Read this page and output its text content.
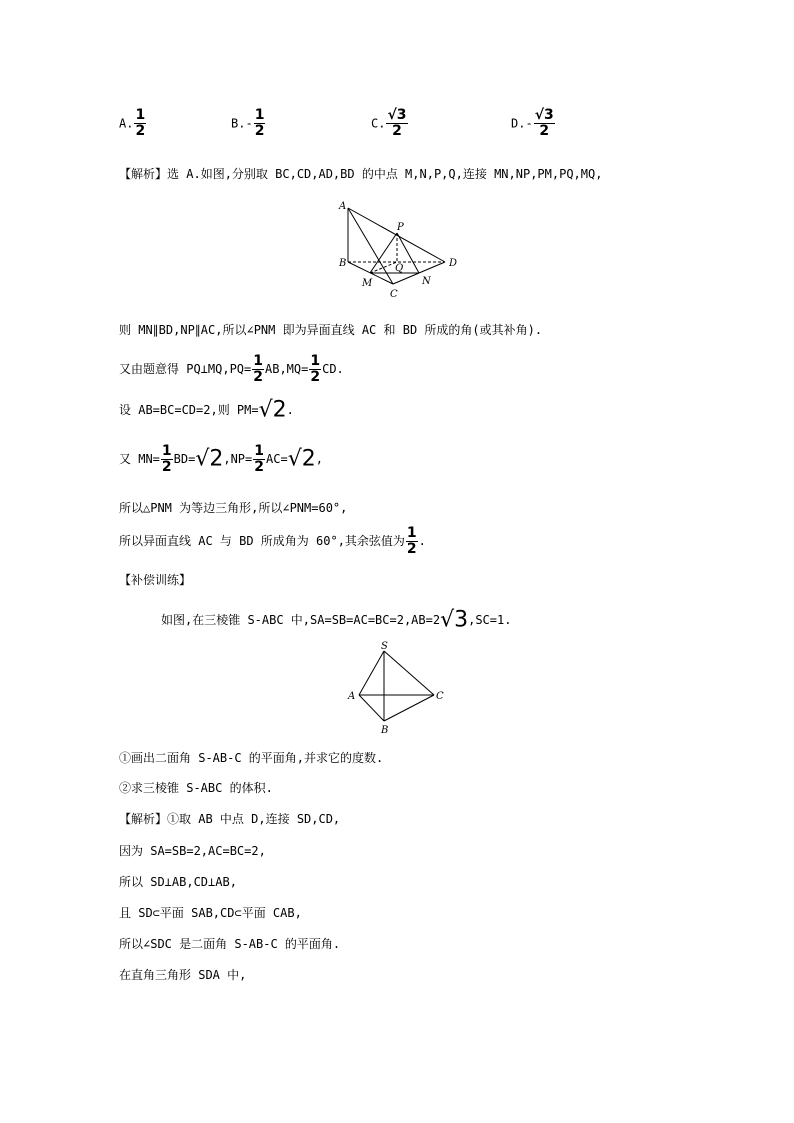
A. $\frac{1}{2}$	$B.- \frac{1}{2}$	C. $\frac{√3}{2}$	$D.- \frac{√3}{2}$
【解析】选 A.如图,分别取 BC,CD,AD,BD 的中点 M,N,P,Q,连接 MN,NP,PM,PQ,MQ,
A
B
C
D
M	N
P
Q
则 MN∥BD,NP∥AC,所以∠PNM 即为异面直线 AC 和 BD 所成的角(或其补角).
又由题意得 PQ⊥MQ,PQ= $\frac{1}{2} AB,MQ= \frac{1}{2}$ CD.
设 AB=BC=CD=2,则 PM=√2.
又 $MN= \frac{1}{2} BD=√2,NP= \frac{1}{2} AC=√2$,
所以△PNM 为等边三角形,所以∠PNM=60°,
所以异面直线 AC 与 BD 所成角为 60°,其余弦值为 $\frac{1}{2}$ .
【补偿训练】
如图,在三棱锥 S-ABC 中,SA=SB=AC=BC=2,AB=2√3,SC=1.
S
A
B
C
①画出二面角 S-AB-C 的平面角,并求它的度数.
②求三棱锥 S-ABC 的体积.
【解析】①取 AB 中点 D,连接 SD,CD,
因为 SA=SB=2,AC=BC=2,
所以 SD⊥AB,CD⊥AB,
且 SD⊂平面 SAB,CD⊂平面 CAB,
所以∠SDC 是二面角 S-AB-C 的平面角.
在直角三角形 SDA 中,
